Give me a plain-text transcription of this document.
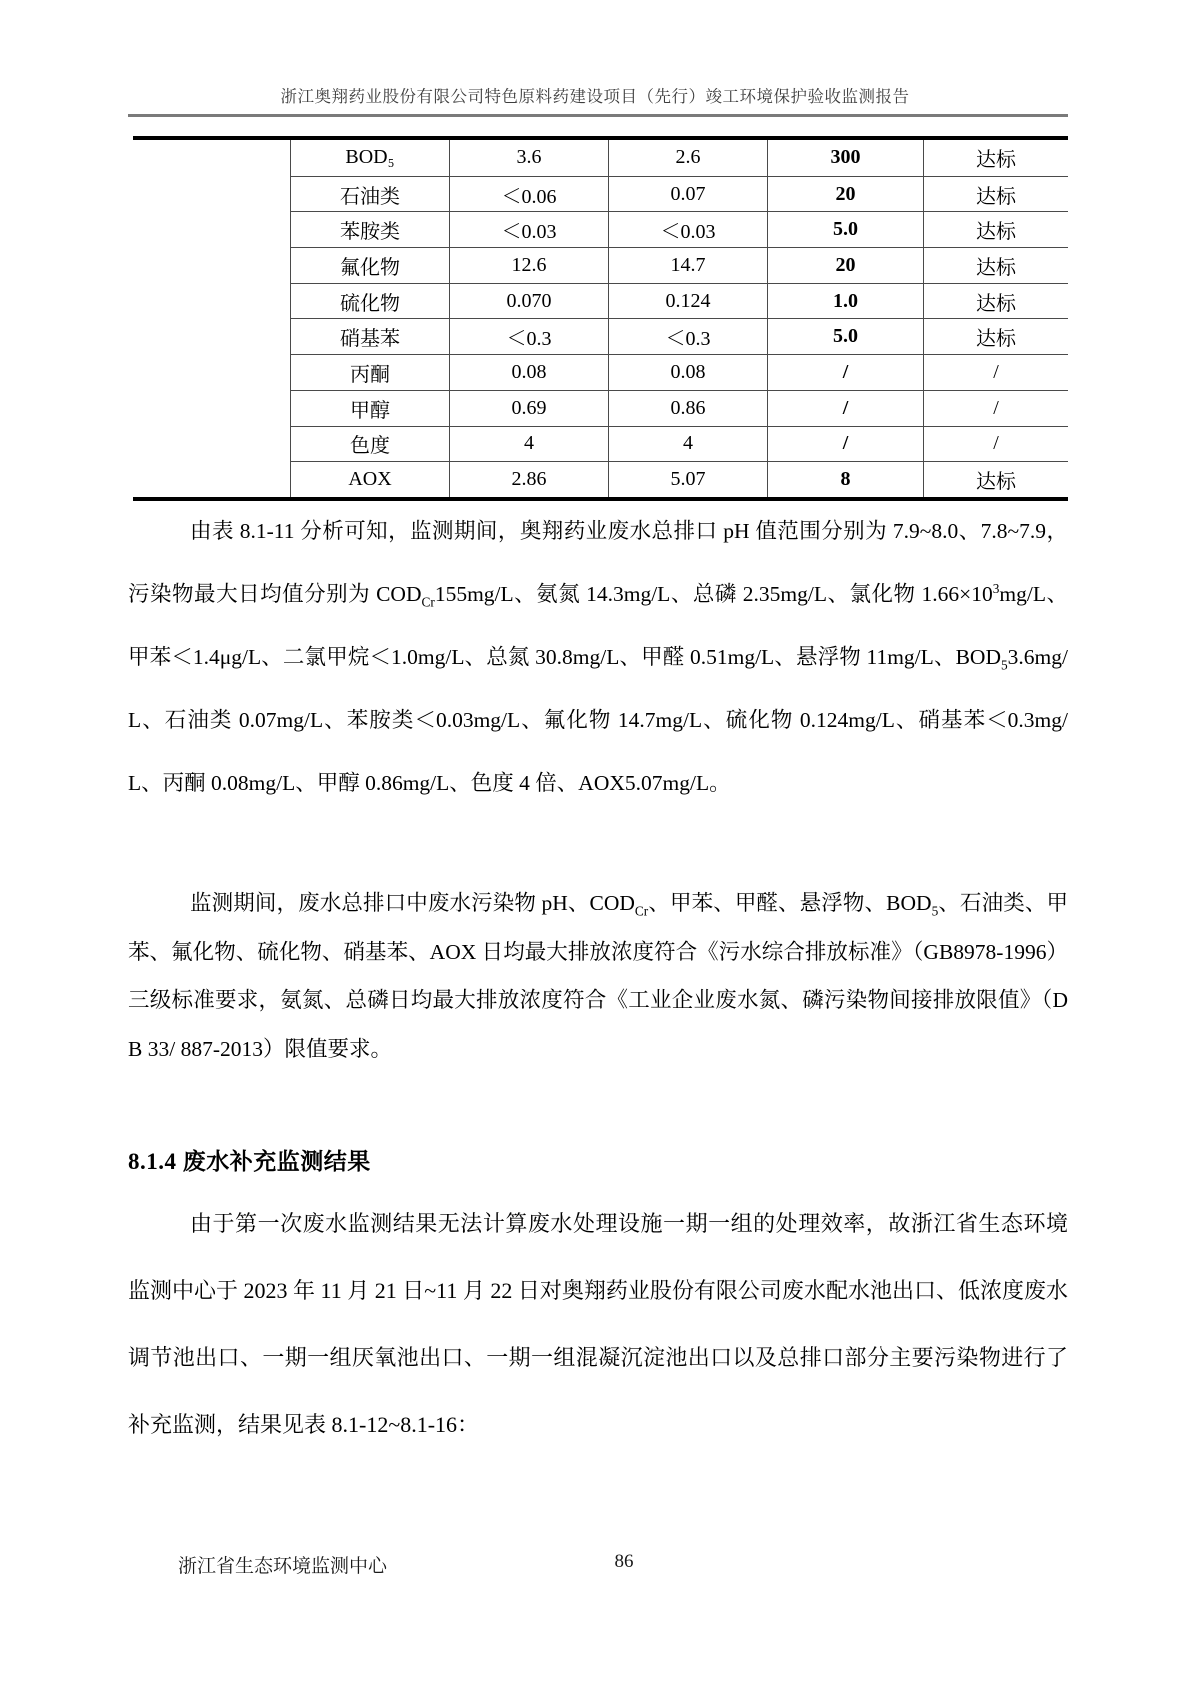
浙江奥翔药业股份有限公司特色原料药建设项目（先行）竣工环境保护验收监测报告
BOD₅	3.6	2.6	300	达标
石油类	＜0.06	0.07	20	达标
苯胺类	＜0.03	＜0.03	5.0	达标
氟化物	12.6	14.7	20	达标
硫化物	0.070	0.124	1.0	达标
硝基苯	＜0.3	＜0.3	5.0	达标
丙酮	0.08	0.08	/	/
甲醇	0.69	0.86	/	/
色度	4	4	/	/
AOX	2.86	5.07	8	达标
由表 8.1-11 分析可知，监测期间，奥翔药业废水总排口 pH 值范围分别为 7.9~8.0、7.8~7.9，污染物最大日均值分别为 $COD_{Cr}155mg/L$、氨氮 14.3mg/L、总磷 2.35mg/L、氯化物 $1.66\times 10^3mg/L$、甲苯＜1.4μg/L、二氯甲烷＜1.0mg/L、总氮 30.8mg/L、甲醛 0.51mg/L、悬浮物 11mg/L、$BOD_53.6mg/L$、石油类 0.07mg/L、苯胺类＜0.03mg/L、氟化物 14.7mg/L、硫化物 0.124mg/L、硝基苯＜0.3mg/L、丙酮 0.08mg/L、甲醇 0.86mg/L、色度 4 倍、AOX5.07mg/L。
监测期间，废水总排口中废水污染物 pH、$COD_{Cr}$、甲苯、甲醛、悬浮物、$BOD_5$、石油类、甲苯、氟化物、硫化物、硝基苯、AOX 日均最大排放浓度符合《污水综合排放标准》（GB8978-1996）三级标准要求，氨氮、总磷日均最大排放浓度符合《工业企业废水氮、磷污染物间接排放限值》（DB 33/ 887-2013）限值要求。
8.1.4 废水补充监测结果
由于第一次废水监测结果无法计算废水处理设施一期一组的处理效率，故浙江省生态环境监测中心于 2023 年 11 月 21 日~11 月 22 日对奥翔药业股份有限公司废水配水池出口、低浓度废水调节池出口、一期一组厌氧池出口、一期一组混凝沉淀池出口以及总排口部分主要污染物进行了补充监测，结果见表 8.1-12~8.1-16：
浙江省生态环境监测中心	86
